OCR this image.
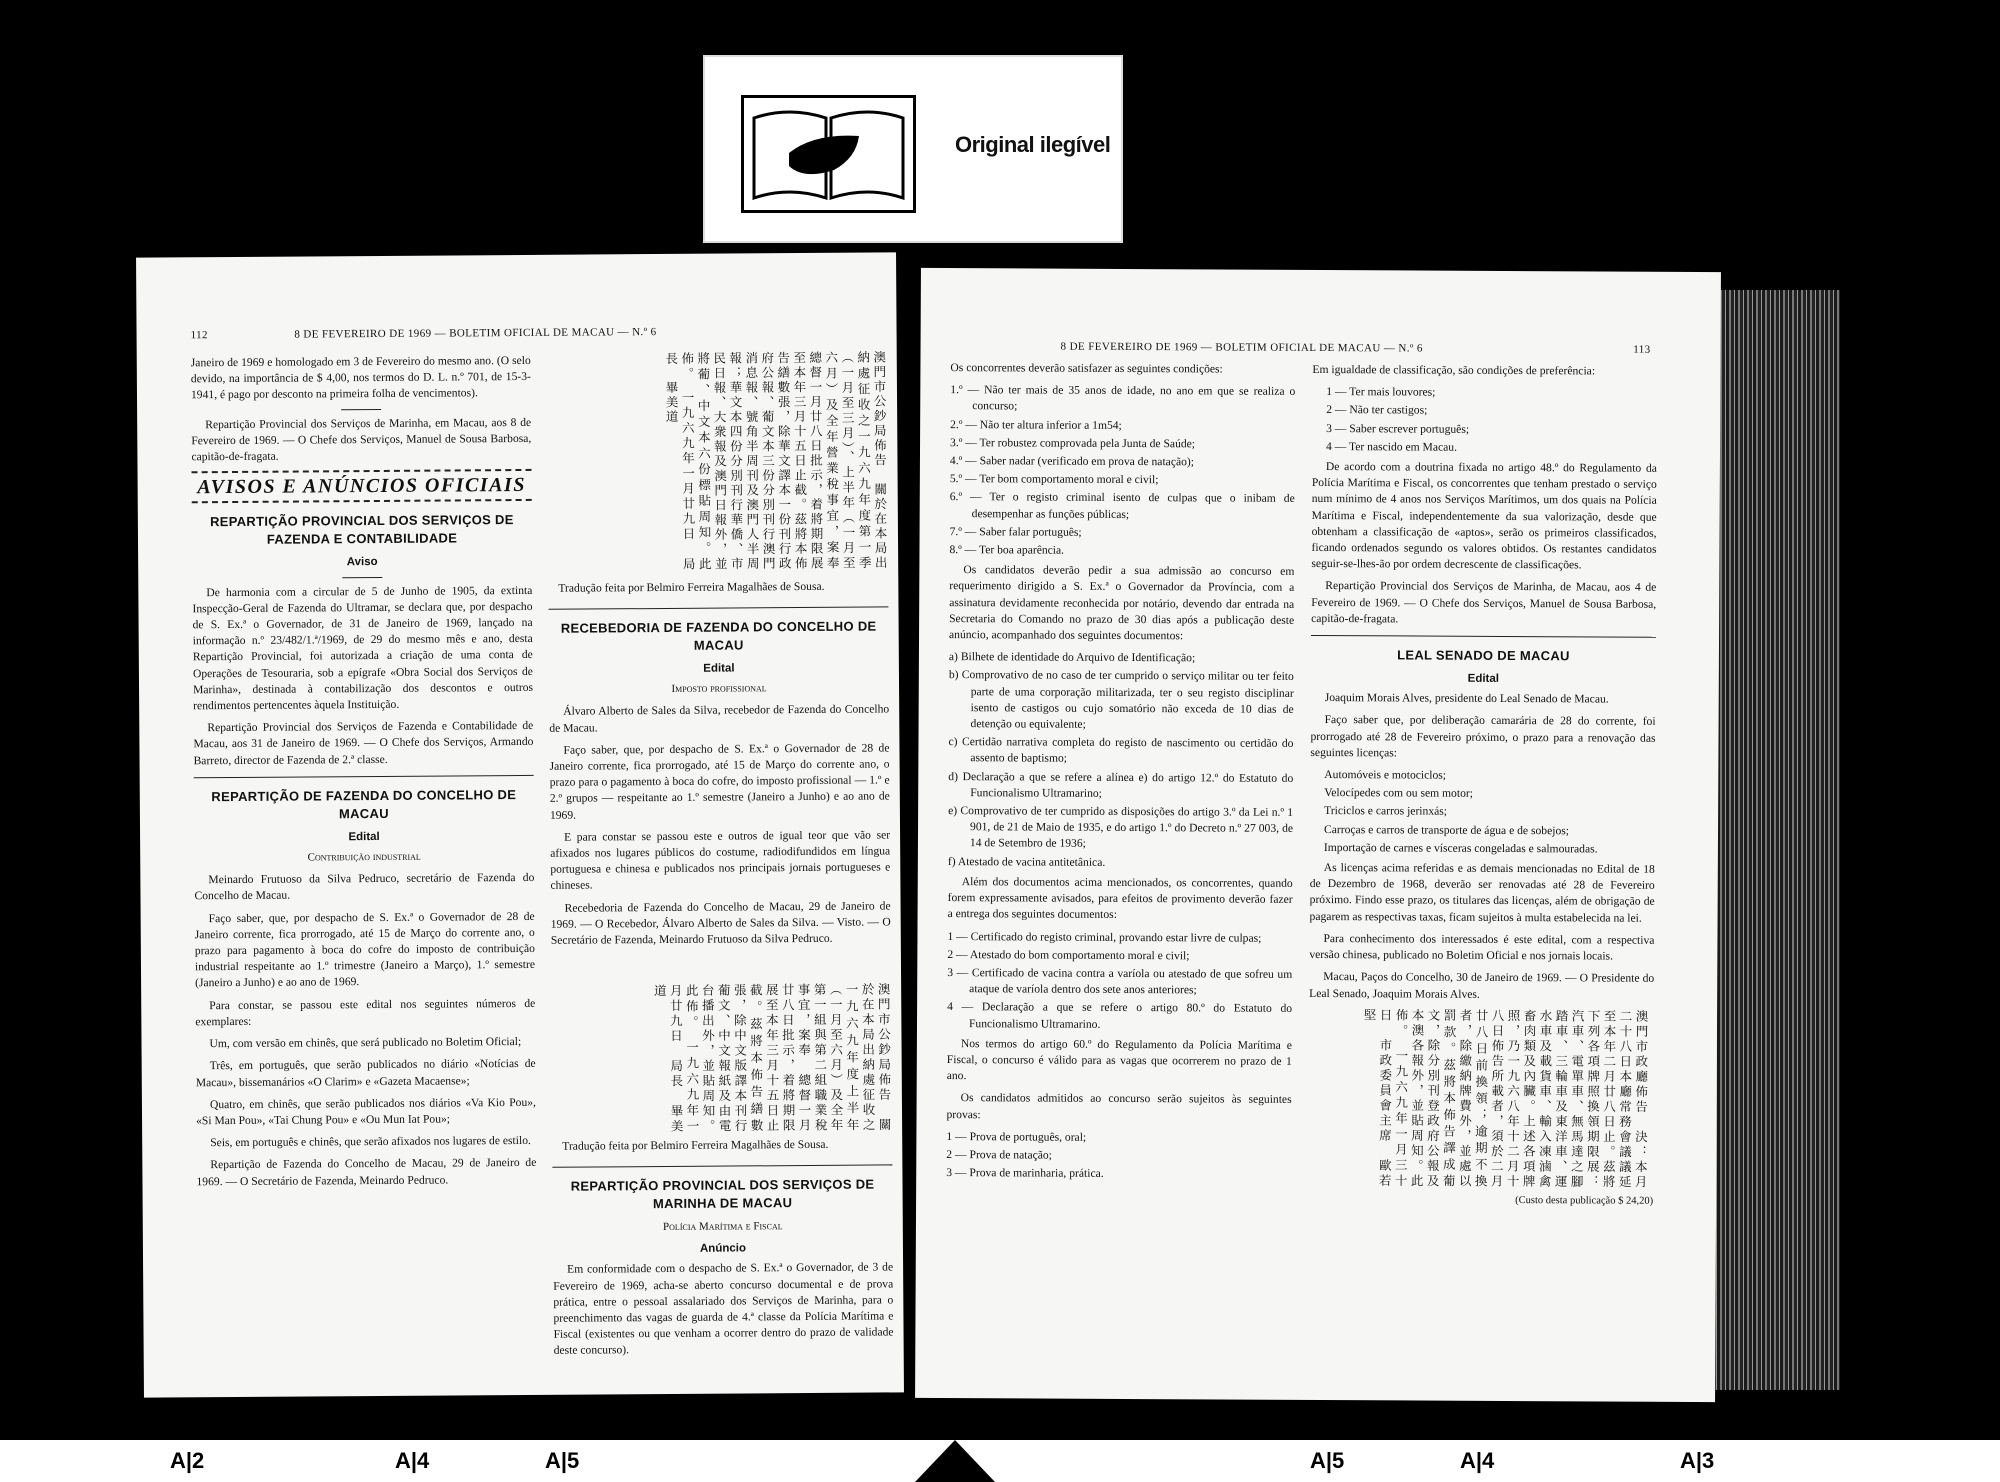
Original ilegível
112	8 DE FEVEREIRO DE 1969 — BOLETIM OFICIAL DE MACAU — N.º 6

Janeiro de 1969 e homologado em 3 de Fevereiro do mesmo ano. (O selo devido, na importância de $ 4,00, nos termos do D. L. n.º 701, de 15-3-1941, é pago por desconto na primeira folha de vencimentos).

Repartição Provincial dos Serviços de Marinha, em Macau, aos 8 de Fevereiro de 1969. — O Chefe dos Serviços, Manuel de Sousa Barbosa, capitão-de-fragata.

AVISOS E ANÚNCIOS OFICIAIS
REPARTIÇÃO PROVINCIAL DOS SERVIÇOS DE FAZENDA E CONTABILIDADE
Aviso

De harmonia com a circular de 5 de Junho de 1905, da extinta Inspecção-Geral de Fazenda do Ultramar, se declara que, por despacho de S. Ex.ª o Governador, de 31 de Janeiro de 1969, lançado na informação n.º 23/482/1.ª/1969, de 29 do mesmo mês e ano, desta Repartição Provincial, foi autorizada a criação de uma conta de Operações de Tesouraria, sob a epígrafe «Obra Social dos Serviços de Marinha», destinada à contabilização dos descontos e outros rendimentos pertencentes àquela Instituição.

Repartição Provincial dos Serviços de Fazenda e Contabilidade de Macau, aos 31 de Janeiro de 1969. — O Chefe dos Serviços, Armando Barreto, director de Fazenda de 2.ª classe.

REPARTIÇÃO DE FAZENDA DO CONCELHO DE MACAU
Edital
Contribuição industrial

Meinardo Frutuoso da Silva Pedruco, secretário de Fazenda do Concelho de Macau.

Faço saber, que, por despacho de S. Ex.ª o Governador de 28 de Janeiro corrente, fica prorrogado, até 15 de Março do corrente ano, o prazo para pagamento à boca do cofre do imposto de contribuição industrial respeitante ao 1.º trimestre (Janeiro a Março), 1.º semestre (Janeiro a Junho) e ao ano de 1969.

Para constar, se passou este edital nos seguintes números de exemplares:

Um, com versão em chinês, que será publicado no Boletim Oficial;

Três, em português, que serão publicados no diário «Notícias de Macau», bissemanários «O Clarim» e «Gazeta Macaense»;

Quatro, em chinês, que serão publicados nos diários «Va Kio Pou», «Si Man Pou», «Tai Chung Pou» e «Ou Mun Iat Pou»;

Seis, em português e chinês, que serão afixados nos lugares de estilo.

Repartição de Fazenda do Concelho de Macau, 29 de Janeiro de 1969. — O Secretário de Fazenda, Meinardo Pedruco.

澳門市公鈔局佈告　關於在本局出納處征收之一九六九年度第一季（一月至三月）、上半年（一月至六月）及全年營業稅事宜，案奉　總督一月廿八日批示，着將期限展至本年三月十五日止截。茲將本佈告繕數張，除華文譯本一份刊行政府公報、葡文本三份分別刊行澳門消息報、號角半周刊及澳門人半周報；華文本四份分別刊行華僑、市民日報、大衆報及澳門日報外，並將葡、中文本六份標貼周知。此佈。　一九六九年一月廿九日　局長　畢美道
Tradução feita por Belmiro Ferreira Magalhães de Sousa.
RECEBEDORIA DE FAZENDA DO CONCELHO DE MACAU
Edital
Imposto profissional

Álvaro Alberto de Sales da Silva, recebedor de Fazenda do Concelho de Macau.

Faço saber, que, por despacho de S. Ex.ª o Governador de 28 de Janeiro corrente, fica prorrogado, até 15 de Março do corrente ano, o prazo para o pagamento à boca do cofre, do imposto profissional — 1.º e 2.º grupos — respeitante ao 1.º semestre (Janeiro a Junho) e ao ano de 1969.

E para constar se passou este e outros de igual teor que vão ser afixados nos lugares públicos do costume, radiodifundidos em língua portuguesa e chinesa e publicados nos principais jornais portugueses e chineses.

Recebedoria de Fazenda do Concelho de Macau, 29 de Janeiro de 1969. — O Recebedor, Álvaro Alberto de Sales da Silva. — Visto. — O Secretário de Fazenda, Meinardo Frutuoso da Silva Pedruco.

澳門市公鈔局佈告　關於在本局出納處征收之一九六九年度上半年（一月至六月）及全年第一組與第二組職業稅事宜，案奉　總督一月廿八日批示，着將期限展至本年三月十五日止截。茲將本佈告繕數張，除中文版譯本刊行葡文、中文報紙及由電台播出外，並貼周知。此佈。　一九六九年一月廿九日　局長　畢美道
Tradução feita por Belmiro Ferreira Magalhães de Sousa.
REPARTIÇÃO PROVINCIAL DOS SERVIÇOS DE MARINHA DE MACAU
Polícia Marítima e Fiscal
Anúncio

Em conformidade com o despacho de S. Ex.ª o Governador, de 3 de Fevereiro de 1969, acha-se aberto concurso documental e de prova prática, entre o pessoal assalariado dos Serviços de Marinha, para o preenchimento das vagas de guarda de 4.ª classe da Polícia Marítima e Fiscal (existentes ou que venham a ocorrer dentro do prazo de validade deste concurso).

8 DE FEVEREIRO DE 1969 — BOLETIM OFICIAL DE MACAU — N.º 6	113

Os concorrentes deverão satisfazer as seguintes condições:

1.º — Não ter mais de 35 anos de idade, no ano em que se realiza o concurso;
2.º — Não ter altura inferior a 1m54;
3.º — Ter robustez comprovada pela Junta de Saúde;
4.º — Saber nadar (verificado em prova de natação);
5.º — Ter bom comportamento moral e civil;
6.º — Ter o registo criminal isento de culpas que o inibam de desempenhar as funções públicas;
7.º — Saber falar português;
8.º — Ter boa aparência.

Os candidatos deverão pedir a sua admissão ao concurso em requerimento dirigido a S. Ex.ª o Governador da Província, com a assinatura devidamente reconhecida por notário, devendo dar entrada na Secretaria do Comando no prazo de 30 dias após a publicação deste anúncio, acompanhado dos seguintes documentos:

a) Bilhete de identidade do Arquivo de Identificação;
b) Comprovativo de no caso de ter cumprido o serviço militar ou ter feito parte de uma corporação militarizada, ter o seu registo disciplinar isento de castigos ou cujo somatório não exceda de 10 dias de detenção ou equivalente;
c) Certidão narrativa completa do registo de nascimento ou certidão do assento de baptismo;
d) Declaração a que se refere a alínea e) do artigo 12.º do Estatuto do Funcionalismo Ultramarino;
e) Comprovativo de ter cumprido as disposições do artigo 3.º da Lei n.º 1 901, de 21 de Maio de 1935, e do artigo 1.º do Decreto n.º 27 003, de 14 de Setembro de 1936;
f) Atestado de vacina antitetânica.

Além dos documentos acima mencionados, os concorrentes, quando forem expressamente avisados, para efeitos de provimento deverão fazer a entrega dos seguintes documentos:

1 — Certificado do registo criminal, provando estar livre de culpas;
2 — Atestado do bom comportamento moral e civil;
3 — Certificado de vacina contra a varíola ou atestado de que sofreu um ataque de varíola dentro dos sete anos anteriores;
4 — Declaração a que se refere o artigo 80.º do Estatuto do Funcionalismo Ultramarino.

Nos termos do artigo 60.º do Regulamento da Polícia Marítima e Fiscal, o concurso é válido para as vagas que ocorrerem no prazo de 1 ano.

Os candidatos admitidos ao concurso serão sujeitos às seguintes provas:

1 — Prova de português, oral;
2 — Prova de natação;
3 — Prova de marinharia, prática.

Em igualdade de classificação, são condições de preferência:

1 — Ter mais louvores;
2 — Não ter castigos;
3 — Saber escrever português;
4 — Ter nascido em Macau.

De acordo com a doutrina fixada no artigo 48.º do Regulamento da Polícia Marítima e Fiscal, os concorrentes que tenham prestado o serviço num mínimo de 4 anos nos Serviços Marítimos, um dos quais na Polícia Marítima e Fiscal, independentemente da sua valorização, desde que obtenham a classificação de «aptos», serão os primeiros classificados, ficando ordenados segundo os valores obtidos. Os restantes candidatos seguir-se-lhes-ão por ordem decrescente de classificações.

Repartição Provincial dos Serviços de Marinha, de Macau, aos 4 de Fevereiro de 1969. — O Chefe dos Serviços, Manuel de Sousa Barbosa, capitão-de-fragata.

LEAL SENADO DE MACAU
Edital

Joaquim Morais Alves, presidente do Leal Senado de Macau.

Faço saber que, por deliberação camarária de 28 do corrente, foi prorrogado até 28 de Fevereiro próximo, o prazo para a renovação das seguintes licenças:

Automóveis e motociclos;
Velocípedes com ou sem motor;
Triciclos e carros jerinxás;
Carroças e carros de transporte de água e de sobejos;
Importação de carnes e vísceras congeladas e salmouradas.

As licenças acima referidas e as demais mencionadas no Edital de 18 de Dezembro de 1968, deverão ser renovadas até 28 de Fevereiro próximo. Findo esse prazo, os titulares das licenças, além de obrigação de pagarem as respectivas taxas, ficam sujeitos à multa estabelecida na lei.

Para conhecimento dos interessados é este edital, com a respectiva versão chinesa, publicado no Boletim Oficial e nos jornais locais.

Macau, Paços do Concelho, 30 de Janeiro de 1969. — O Presidente do Leal Senado, Joaquim Morais Alves.

澳門市政廳佈告　決：本月二十八日本廳常務會議議延至本年二月廿八日止。茲將下列各項牌照換領期限展：汽車、電單車、無馬達之腳踏車、三輪車及東洋車、運水車及載貨車、輸入凍滷禽畜肉類及內臟。上述各項牌照，乃一九六八年十二月十八日佈告所載者，須於二月廿八日前換領；逾期不換者，除繳納牌費外，並處以罰款。茲將本佈告譯成葡文，除分別刊登政府公報及本澳各報外，並貼周知。此佈。　一九六九年一月三十日　市政委員會主席　歐若堅
(Custo desta publicação $ 24,20)
A|2	A|4	A|5	A|5	A|4	A|3
